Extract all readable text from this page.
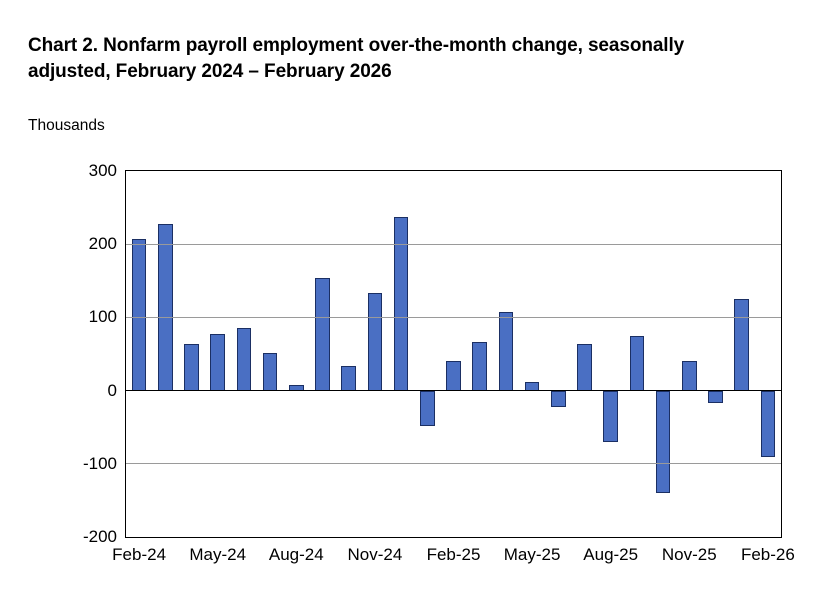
Chart 2. Nonfarm payroll employment over-the-month change, seasonally adjusted, February 2024 – February 2026
Thousands
-200
-100
0
100
200
300
Feb-24 May-24 Aug-24 Nov-24 Feb-25 May-25 Aug-25 Nov-25 Feb-26
